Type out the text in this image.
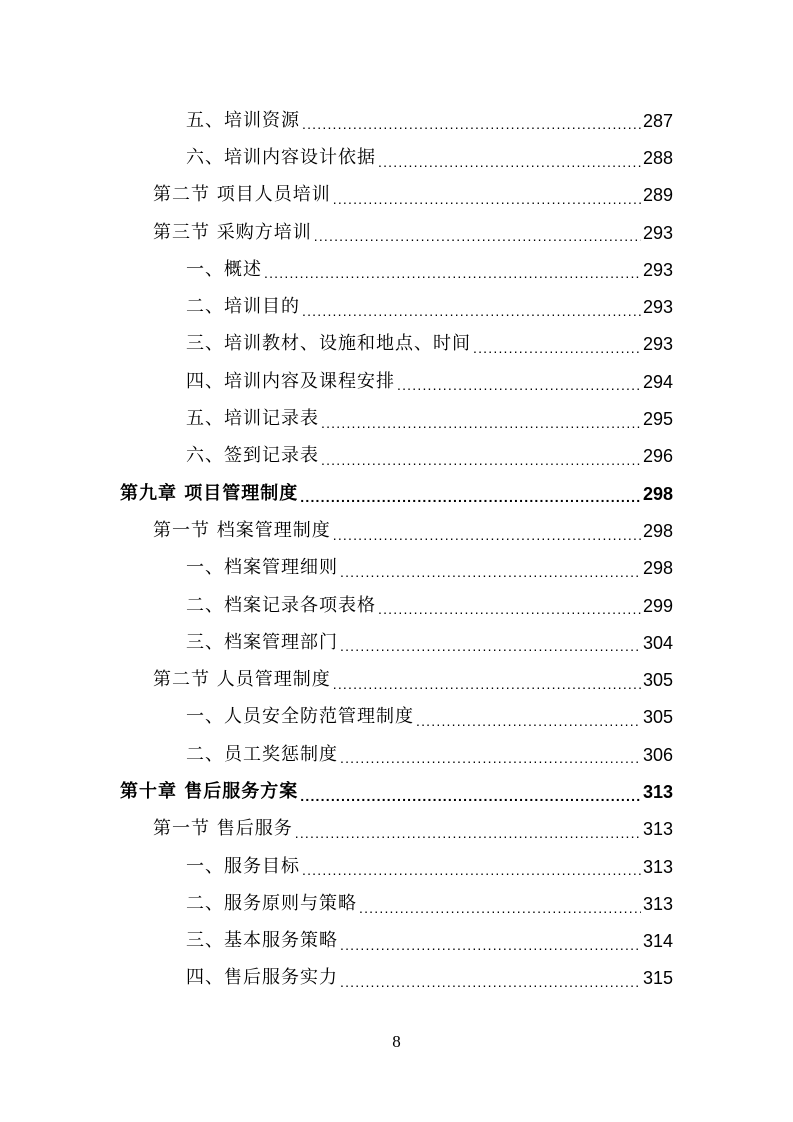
五、培训资源 .....	287
六、培训内容设计依据 .....	288
第二节 项目人员培训 .....	289
第三节 采购方培训 .....	293
一、概述 .....	293
二、培训目的 .....	293
三、培训教材、设施和地点、时间 .....	293
四、培训内容及课程安排 .....	294
五、培训记录表 .....	295
六、签到记录表 .....	296
第九章 项目管理制度 .....	298
第一节 档案管理制度 .....	298
一、档案管理细则 .....	298
二、档案记录各项表格 .....	299
三、档案管理部门 .....	304
第二节 人员管理制度 .....	305
一、人员安全防范管理制度 .....	305
二、员工奖惩制度 .....	306
第十章 售后服务方案 .....	313
第一节 售后服务 .....	313
一、服务目标 .....	313
二、服务原则与策略 .....	313
三、基本服务策略 .....	314
四、售后服务实力 .....	315
8
